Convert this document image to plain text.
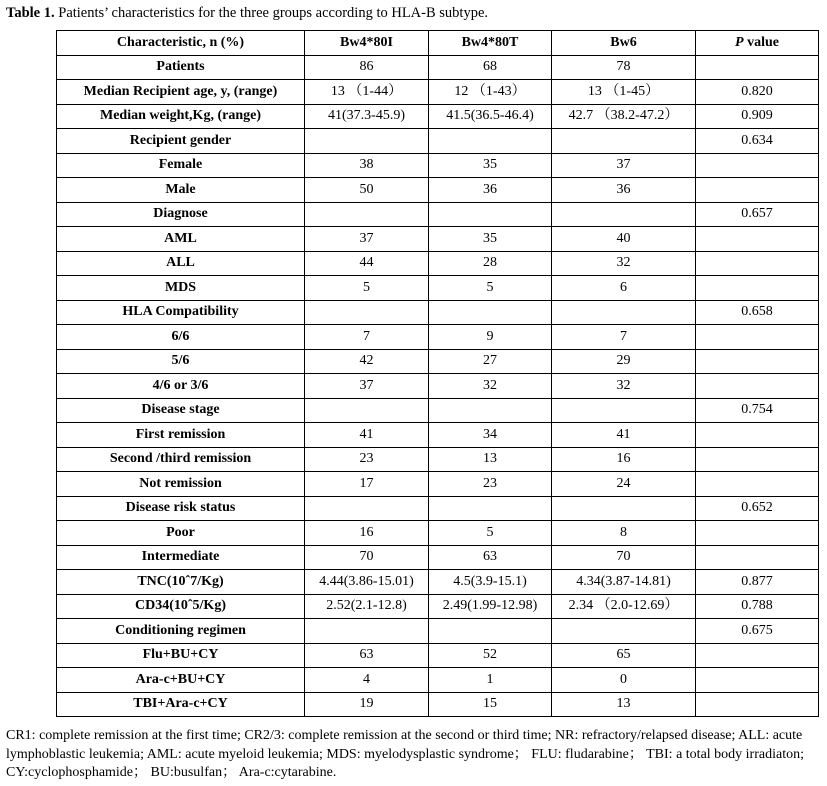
Table 1. Patients’ characteristics for the three groups according to HLA-B subtype.
Characteristic, n (%)	Bw4*80I	Bw4*80T	Bw6	P value
Patients	86	68	78	
Median Recipient age, y, (range)	13 （1-44）	12 （1-43）	13 （1-45）	0.820
Median weight,Kg, (range)	41(37.3-45.9)	41.5(36.5-46.4)	42.7 （38.2-47.2）	0.909
Recipient gender				0.634
Female	38	35	37	
Male	50	36	36	
Diagnose				0.657
AML	37	35	40	
ALL	44	28	32	
MDS	5	5	6	
HLA Compatibility				0.658
6/6	7	9	7	
5/6	42	27	29	
4/6 or 3/6	37	32	32	
Disease stage				0.754
First remission	41	34	41	
Second /third remission	23	13	16	
Not remission	17	23	24	
Disease risk status				0.652
Poor	16	5	8	
Intermediate	70	63	70	
TNC(10ˆ7/Kg)	4.44(3.86-15.01)	4.5(3.9-15.1)	4.34(3.87-14.81)	0.877
CD34(10ˆ5/Kg)	2.52(2.1-12.8)	2.49(1.99-12.98)	2.34 （2.0-12.69）	0.788
Conditioning regimen				0.675
Flu+BU+CY	63	52	65	
Ara-c+BU+CY	4	1	0	
TBI+Ara-c+CY	19	15	13	
CR1: complete remission at the first time; CR2/3: complete remission at the second or third time; NR: refractory/relapsed disease; ALL: acute lymphoblastic leukemia; AML: acute myeloid leukemia; MDS: myelodysplastic syndrome； FLU: fludarabine； TBI: a total body irradiaton; CY:cyclophosphamide； BU:busulfan； Ara-c:cytarabine.
